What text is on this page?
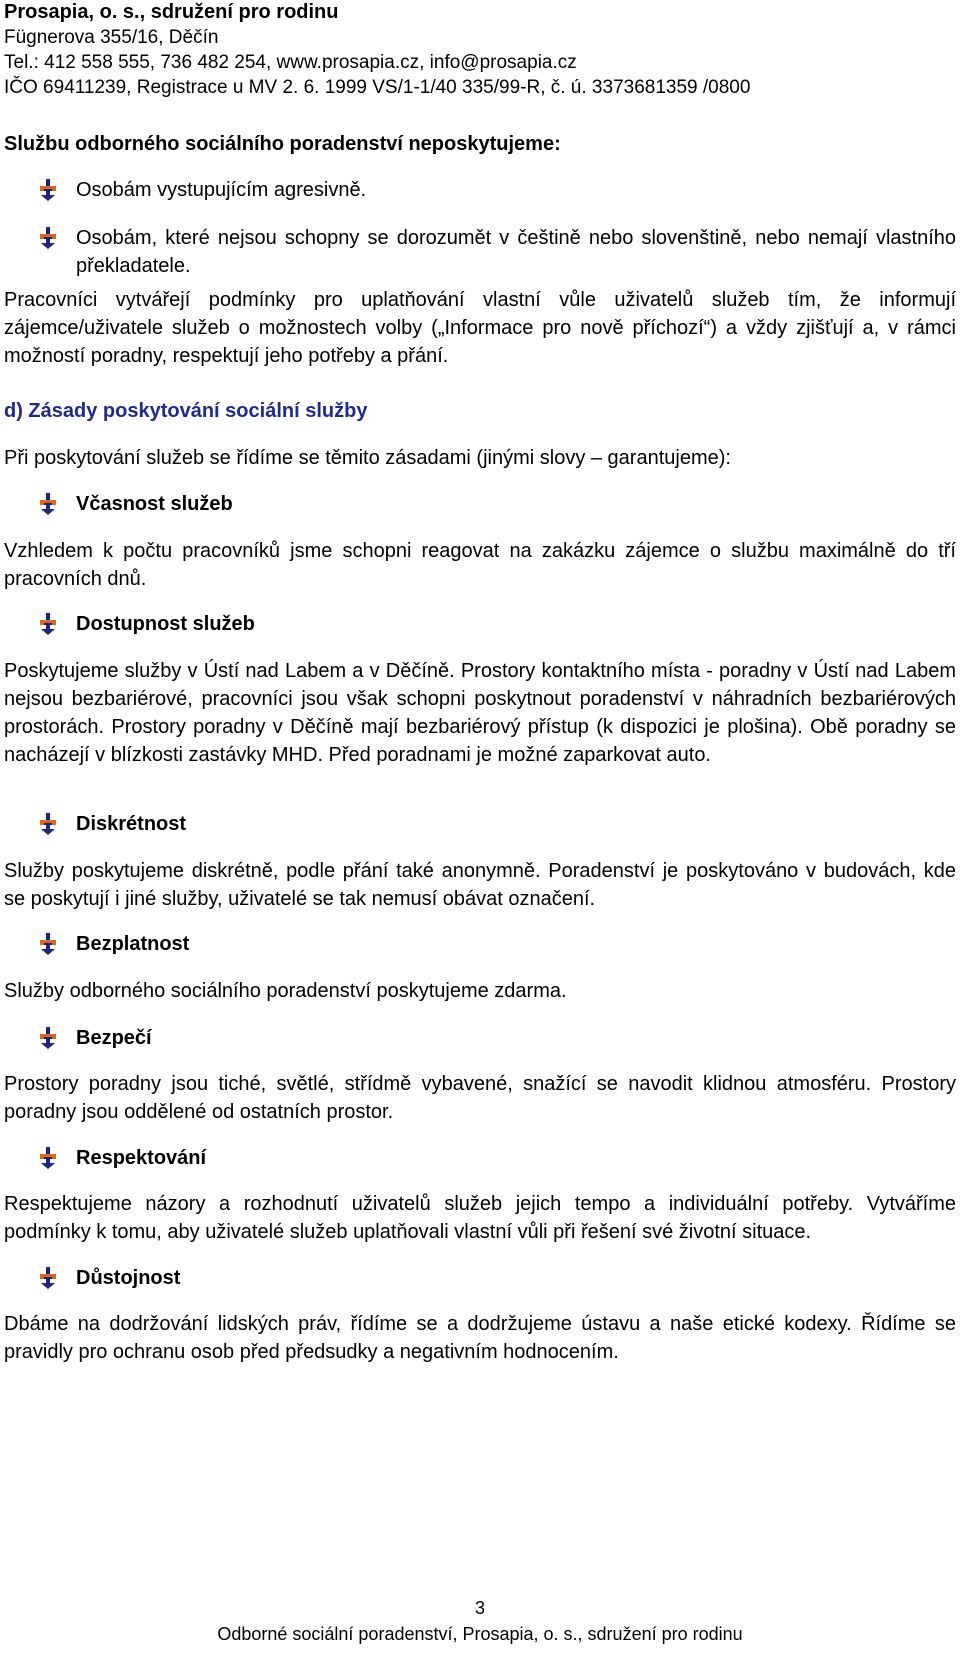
Prosapia, o. s., sdružení pro rodinu
Fügnerova 355/16, Děčín
Tel.: 412 558 555, 736 482 254, www.prosapia.cz, info@prosapia.cz
IČO 69411239, Registrace u MV 2. 6. 1999 VS/1-1/40 335/99-R, č. ú. 3373681359 /0800
Službu odborného sociálního poradenství neposkytujeme:
Osobám vystupujícím agresivně.
Osobám, které nejsou schopny se dorozumět v češtině nebo slovenštině, nebo nemají vlastního překladatele.

Pracovníci vytvářejí podmínky pro uplatňování vlastní vůle uživatelů služeb tím, že informují zájemce/uživatele služeb o možnostech volby („Informace pro nově příchozí“) a vždy zjišťují a, v rámci možností poradny, respektují jeho potřeby a přání.

d) Zásady poskytování sociální služby
Při poskytování služeb se řídíme se těmito zásadami (jinými slovy – garantujeme):
Včasnost služeb

Vzhledem k počtu pracovníků jsme schopni reagovat na zakázku zájemce o službu maximálně do tří pracovních dnů.

Dostupnost služeb

Poskytujeme služby v Ústí nad Labem a v Děčíně. Prostory kontaktního místa - poradny v Ústí nad Labem nejsou bezbariérové, pracovníci jsou však schopni poskytnout poradenství v náhradních bezbariérových prostorách. Prostory poradny v Děčíně mají bezbariérový přístup (k dispozici je plošina). Obě poradny se nacházejí v blízkosti zastávky MHD. Před poradnami je možné zaparkovat auto.

Diskrétnost

Služby poskytujeme diskrétně, podle přání také anonymně. Poradenství je poskytováno v budovách, kde se poskytují i jiné služby, uživatelé se tak nemusí obávat označení.

Bezplatnost

Služby odborného sociálního poradenství poskytujeme zdarma.

Bezpečí

Prostory poradny jsou tiché, světlé, střídmě vybavené, snažící se navodit klidnou atmosféru. Prostory poradny jsou oddělené od ostatních prostor.

Respektování

Respektujeme názory a rozhodnutí uživatelů služeb jejich tempo a individuální potřeby. Vytváříme podmínky k tomu, aby uživatelé služeb uplatňovali vlastní vůli při řešení své životní situace.

Důstojnost

Dbáme na dodržování lidských práv, řídíme se a dodržujeme ústavu a naše etické kodexy. Řídíme se pravidly pro ochranu osob před předsudky a negativním hodnocením.

3
Odborné sociální poradenství, Prosapia, o. s., sdružení pro rodinu
